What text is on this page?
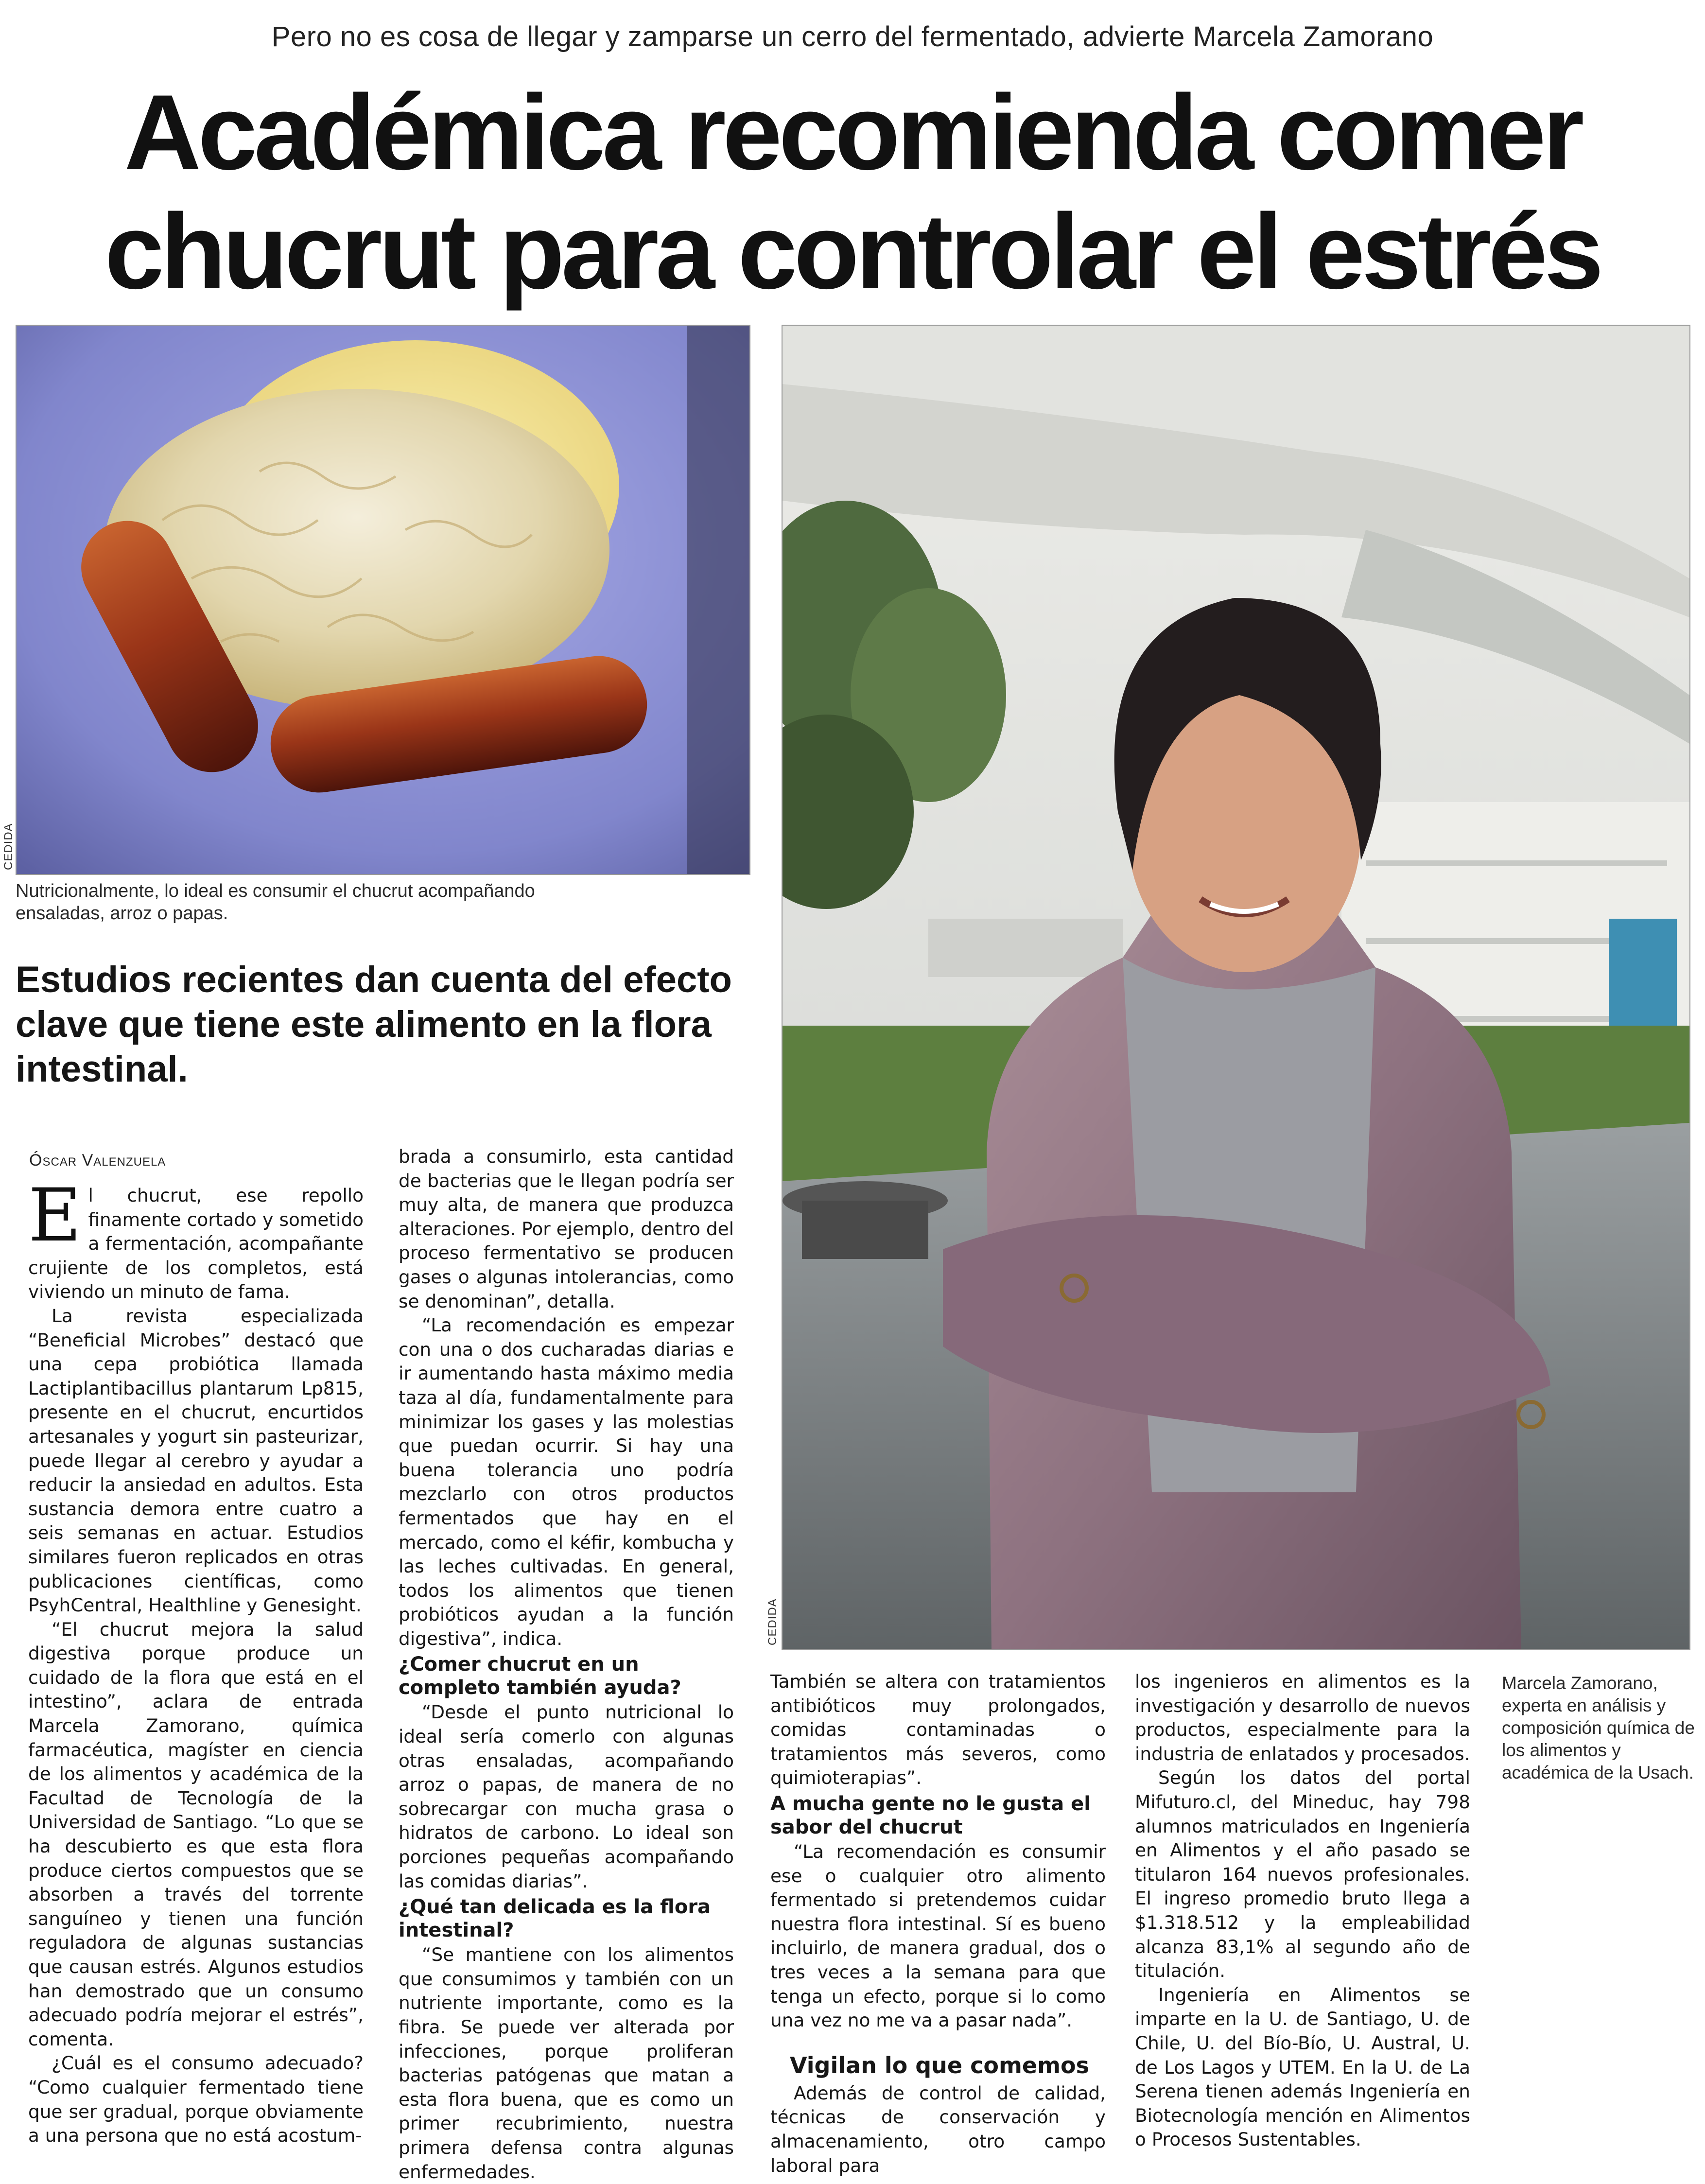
Pero no es cosa de llegar y zamparse un cerro del fermentado, advierte Marcela Zamorano
Académica recomienda comer
chucrut para controlar el estrés
CEDIDA
Nutricionalmente, lo ideal es consumir el chucrut acompañando ensaladas, arroz o papas.
CEDIDA
Estudios recientes dan cuenta del efecto clave que tiene este alimento en la flora intestinal.
Óscar Valenzuela

El chucrut, ese repollo finamente cortado y sometido a fermentación, acompañante crujiente de los completos, está viviendo un minuto de fama.

La revista especializada “Beneficial Microbes” destacó que una cepa probiótica llamada Lactiplantibacillus plantarum Lp815, presente en el chucrut, encurtidos artesanales y yogurt sin pasteurizar, puede llegar al cerebro y ayudar a reducir la ansiedad en adultos. Esta sustancia demora entre cuatro a seis semanas en actuar. Estudios similares fueron replicados en otras publicaciones científicas, como PsyhCentral, Healthline y Genesight.

“El chucrut mejora la salud digestiva porque produce un cuidado de la flora que está en el intestino”, aclara de entrada Marcela Zamorano, química farmacéutica, magíster en ciencia de los alimentos y académica de la Facultad de Tecnología de la Universidad de Santiago. “Lo que se ha descubierto es que esta flora produce ciertos compuestos que se absorben a través del torrente sanguíneo y tienen una función reguladora de algunas sustancias que causan estrés. Algunos estudios han demostrado que un consumo adecuado podría mejorar el estrés”, comenta.

¿Cuál es el consumo adecuado? “Como cualquier fermentado tiene que ser gradual, porque obviamente a una persona que no está acostum-

brada a consumirlo, esta cantidad de bacterias que le llegan podría ser muy alta, de manera que produzca alteraciones. Por ejemplo, dentro del proceso fermentativo se producen gases o algunas intolerancias, como se denominan”, detalla.

“La recomendación es empezar con una o dos cucharadas diarias e ir aumentando hasta máximo media taza al día, fundamentalmente para minimizar los gases y las molestias que puedan ocurrir. Si hay una buena tolerancia uno podría mezclarlo con otros productos fermentados que hay en el mercado, como el kéfir, kombucha y las leches cultivadas. En general, todos los alimentos que tienen probióticos ayudan a la función digestiva”, indica.

¿Comer chucrut en un completo también ayuda?

“Desde el punto nutricional lo ideal sería comerlo con algunas otras ensaladas, acompañando arroz o papas, de manera de no sobrecargar con mucha grasa o hidratos de carbono. Lo ideal son porciones pequeñas acompañando las comidas diarias”.

¿Qué tan delicada es la flora intestinal?

“Se mantiene con los alimentos que consumimos y también con un nutriente importante, como es la fibra. Se puede ver alterada por infecciones, porque proliferan bacterias patógenas que matan a esta flora buena, que es como un primer recubrimiento, nuestra primera defensa contra algunas enfermedades.

También se altera con tratamientos antibióticos muy prolongados, comidas contaminadas o tratamientos más severos, como quimioterapias”.

A mucha gente no le gusta el sabor del chucrut

“La recomendación es consumir ese o cualquier otro alimento fermentado si pretendemos cuidar nuestra flora intestinal. Sí es bueno incluirlo, de manera gradual, dos o tres veces a la semana para que tenga un efecto, porque si lo como una vez no me va a pasar nada”.

Vigilan lo que comemos

Además de control de calidad, técnicas de conservación y almacenamiento, otro campo laboral para

los ingenieros en alimentos es la investigación y desarrollo de nuevos productos, especialmente para la industria de enlatados y procesados.

Según los datos del portal Mifuturo.cl, del Mineduc, hay 798 alumnos matriculados en Ingeniería en Alimentos y el año pasado se titularon 164 nuevos profesionales. El ingreso promedio bruto llega a $1.318.512 y la empleabilidad alcanza 83,1% al segundo año de titulación.

Ingeniería en Alimentos se imparte en la U. de Santiago, U. de Chile, U. del Bío-Bío, U. Austral, U. de Los Lagos y UTEM. En la U. de La Serena tienen además Ingeniería en Biotecnología mención en Alimentos o Procesos Sustentables.

Marcela Zamorano, experta en análisis y composición química de los alimentos y académica de la Usach.
